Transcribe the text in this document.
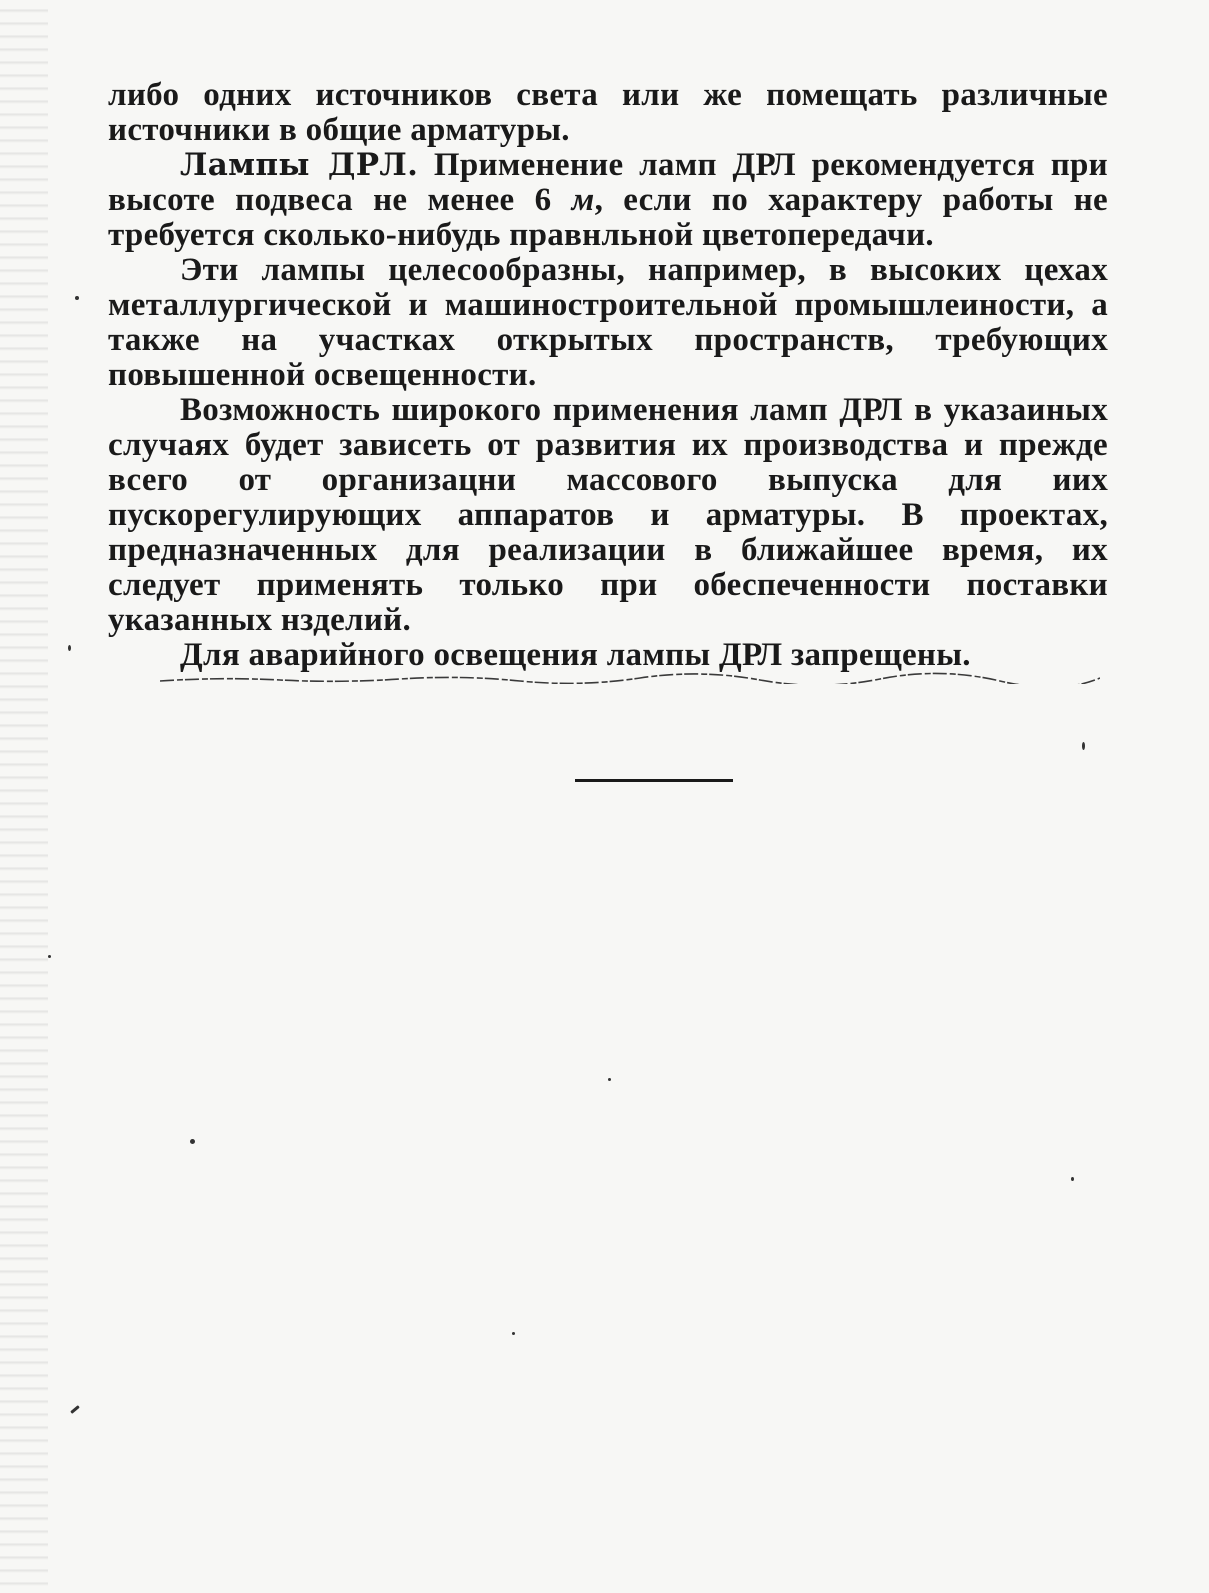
либо одних источников света или же помещать различные источники в общие арматуры.

Лампы ДРЛ. Применение ламп ДРЛ рекомендуется при высоте подвеса не менее 6 м, если по характеру работы не требуется сколько-нибудь правнльной цветопередачи.

Эти лампы целесообразны, например, в высоких цехах металлургической и машиностроительной промышлеиности, а также на участках открытых пространств, требующих повышенной освещенности.

Возможность широкого применения ламп ДРЛ в указаиных случаях будет зависеть от развития их производства и прежде всего от организацни массового выпуска для иих пускорегулирующих аппаратов и арматуры. В проектах, предназначенных для реализации в ближайшее время, их следует применять только при обеспеченности поставки указанных нзделий.

Для аварийного освещения лампы ДРЛ запрещены.
